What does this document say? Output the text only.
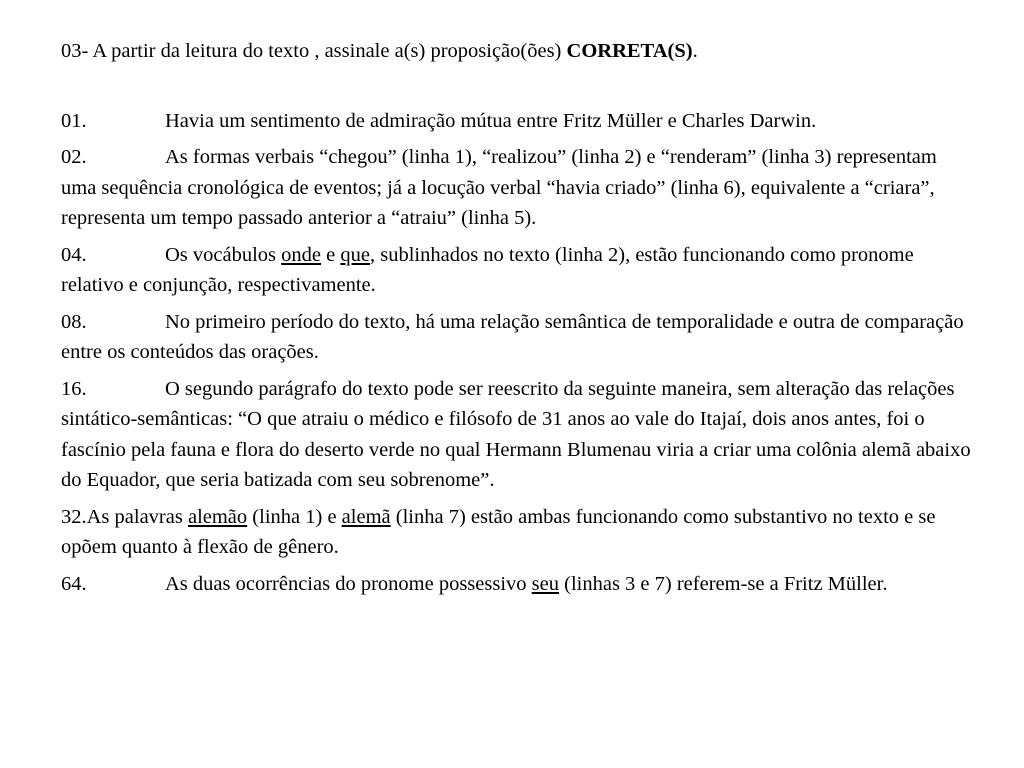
03- A partir da leitura do texto , assinale a(s) proposição(ões) CORRETA(S).

01.	Havia um sentimento de admiração mútua entre Fritz Müller e Charles Darwin.

02.	As formas verbais “chegou” (linha 1), “realizou” (linha 2) e “renderam” (linha 3) representam uma sequência cronológica de eventos; já a locução verbal “havia criado” (linha 6), equivalente a “criara”, representa um tempo passado anterior a “atraiu” (linha 5).

04.	Os vocábulos onde e que, sublinhados no texto (linha 2), estão funcionando como pronome relativo e conjunção, respectivamente.

08.	No primeiro período do texto, há uma relação semântica de temporalidade e outra de comparação entre os conteúdos das orações.

16.	O segundo parágrafo do texto pode ser reescrito da seguinte maneira, sem alteração das relações sintático-semânticas: “O que atraiu o médico e filósofo de 31 anos ao vale do Itajaí, dois anos antes, foi o fascínio pela fauna e flora do deserto verde no qual Hermann Blumenau viria a criar uma colônia alemã abaixo do Equador, que seria batizada com seu sobrenome”.

32.As palavras alemão (linha 1) e alemã (linha 7) estão ambas funcionando como substantivo no texto e se opõem quanto à flexão de gênero.

64.	As duas ocorrências do pronome possessivo seu (linhas 3 e 7) referem-se a Fritz Müller.
